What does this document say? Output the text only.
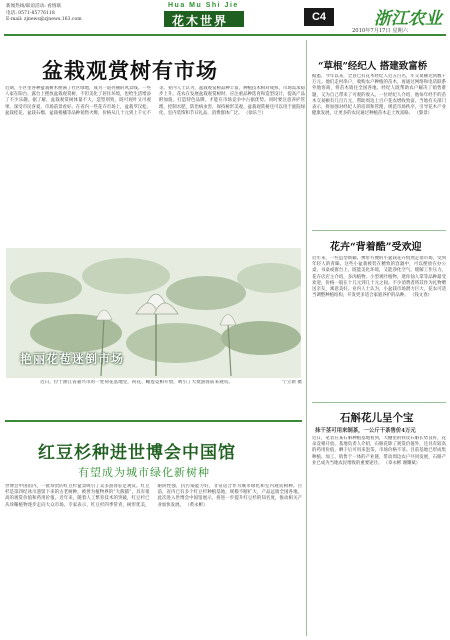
新闻热线/联谊活动: 看情联
电话: 0571-85776118
E-mail: zjnews@zjnews.163.com
Hua Mu Shi Jie
花木世界	C4	浙江农业
2010年7月17日 星期六
盆栽观赏树有市场
近期，小区里各种盆栽树木摆满了社区绿地，成为一道亮丽的风景线。一些人家在阳台、露台上摆放盆栽观赏树，不但美化了居住环境，也给生活增添了不少乐趣。据了解，盆栽观赏树体量不大，造型别致，既可观叶又可观果，深受市民喜爱，市场前景看好。在省内一些花卉市场上，盆栽罗汉松、盆栽桂花、盆栽石榴、盆栽柑橘等品种销售火爆，价格从几十元到上千元不等。业内人士认为，盆栽观赏树品种丰富，种植技术相对成熟，市场需求稳步上升。花农在发展盆栽观赏树时，应注重品种选育和造型设计，提高产品附加值，打造特色品牌，才能在市场竞争中占据优势。同时要注意养护管理，控制水肥，防治病虫害，保持树形美观。盆栽观赏树还可以用于庭院绿化、室内装饰和节日礼品，消费群体广泛。 （徐乐兰）
艳丽花苞迷倒市场
近日，位于浙江省嘉兴市的一处荷花基地里，荷花、睡莲竞相开放，吸引了大批游客前来观赏。	宁立新 摄
“草根”经纪人 搭建致富桥
据悉，今年以来，全县已有花木经纪人近五百名，年交易额达到数千万元。他们走村串户，收购农户种植的苗木，再通过网络和电话联系外地客商，将苗木销往全国各地。经纪人既帮助农户解决了销售难题，又为自己带来了可观的收入。一位经纪人介绍，他每年经手的苗木交易额有几百万元，帮助周边上百户花农增收致富。当地有关部门表示，将加强对经纪人的培训和管理，规范市场秩序，引导花木产业健康发展，让更多的农民通过种植苗木走上致富路。 （黎景）
花卉“背着酷”受欢迎
近年来，一些造型新颖、携带方便的小盆栽花卉悄然走俏市场，受到年轻人的青睐。这些小盆栽被装在精致的容器中，可以摆放在办公桌、书桌或窗台上，既能美化环境，又能净化空气，缓解工作压力。花卉店店主介绍，多肉植物、小型观叶植物、迷你仙人掌等品种最受欢迎，价格一般在十几元到几十元之间。不少消费者将其作为礼物赠送亲友，寓意美好。业内人士认为，小盆栽市场潜力巨大，花农可适当调整种植结构，开发更多适合家庭养护的品种。 （钱文春）
石斛花儿呈个宝
抹干茎可用来制茶，一公斤干茶售价4万元
近日，笔者在某石斛种植基地看到，大棚里的铁皮石斛长势良好，花朵竞相开放。基地负责人介绍，石斛花除了观赏价值外，还具有较高的药用价值，晒干后可用来泡茶，市场价格不菲。目前基地已形成集种植、加工、销售于一体的产业链，带动周边农户共同发展，石斛产业已成为当地农民增收的重要途径。 （章永彬 谢耀斌）
红豆杉种进世博会中国馆
有望成为城市绿化新树种
世博会中国馆内，一批珍贵的红豆杉盆景吸引了众多游客驻足观赏。红豆杉是第四纪冰川遗留下来的古老树种，被誉为植物界的“大熊猫”，具有很高的观赏价值和药用价值。近年来，随着人工繁育技术的突破，红豆杉已从珍稀植物逐步走向大众市场。专家表示，红豆杉四季常青，树形优美，耐阴性强，抗污染能力好，非常适合作为城市绿化和室内观赏树种。目前，省内已有多个红豆杉种植基地，规模不断扩大，产品远销全国各地。此次进入世博会中国馆展示，将进一步提升红豆杉的知名度，推动相关产业加快发展。 （黄永彬）
